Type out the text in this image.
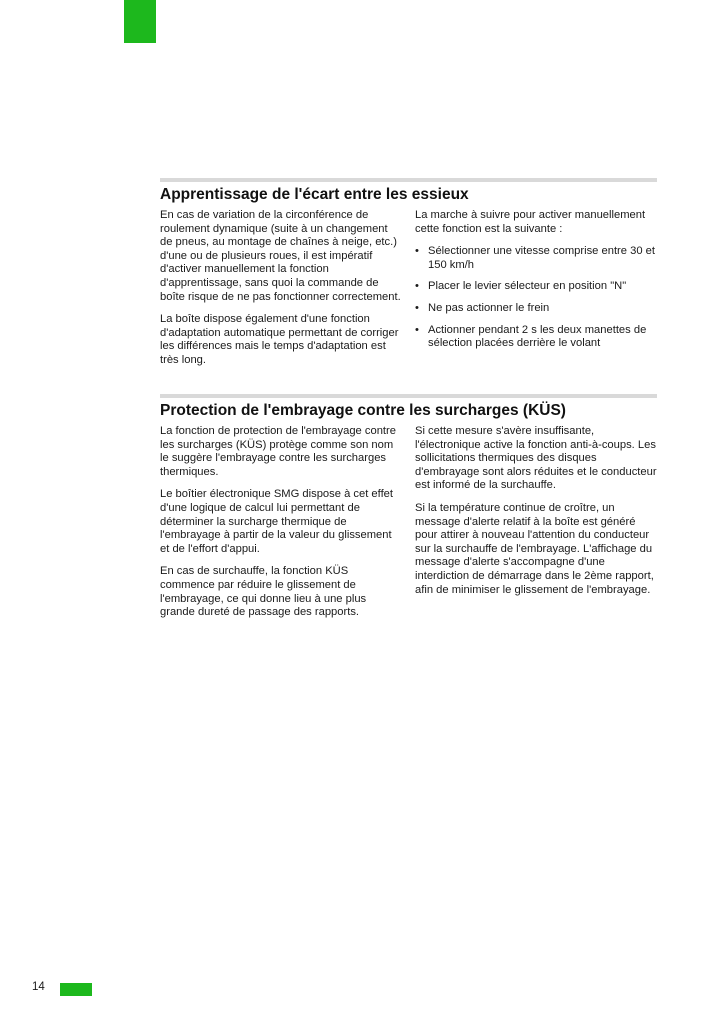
Apprentissage de l'écart entre les essieux

En cas de variation de la circonférence de roulement dynamique (suite à un changement de pneus, au montage de chaînes à neige, etc.) d'une ou de plusieurs roues, il est impératif d'activer manuellement la fonction d'apprentissage, sans quoi la commande de boîte risque de ne pas fonctionner correctement.

La boîte dispose également d'une fonction d'adaptation automatique permettant de corriger les différences mais le temps d'adaptation est très long.

La marche à suivre pour activer manuellement cette fonction est la suivante :

• Sélectionner une vitesse comprise entre 30 et 150 km/h
• Placer le levier sélecteur en position "N"
• Ne pas actionner le frein
• Actionner pendant 2 s les deux manettes de sélection placées derrière le volant
Protection de l'embrayage contre les surcharges (KÜS)

La fonction de protection de l'embrayage contre les surcharges (KÜS) protège comme son nom le suggère l'embrayage contre les surcharges thermiques.

Le boîtier électronique SMG dispose à cet effet d'une logique de calcul lui permettant de déterminer la surcharge thermique de l'embrayage à partir de la valeur du glissement et de l'effort d'appui.

En cas de surchauffe, la fonction KÜS commence par réduire le glissement de l'embrayage, ce qui donne lieu à une plus grande dureté de passage des rapports.

Si cette mesure s'avère insuffisante, l'électronique active la fonction anti-à-coups. Les sollicitations thermiques des disques d'embrayage sont alors réduites et le conducteur est informé de la surchauffe.

Si la température continue de croître, un message d'alerte relatif à la boîte est généré pour attirer à nouveau l'attention du conducteur sur la surchauffe de l'embrayage. L'affichage du message d'alerte s'accompagne d'une interdiction de démarrage dans le 2ème rapport, afin de minimiser le glissement de l'embrayage.

14
